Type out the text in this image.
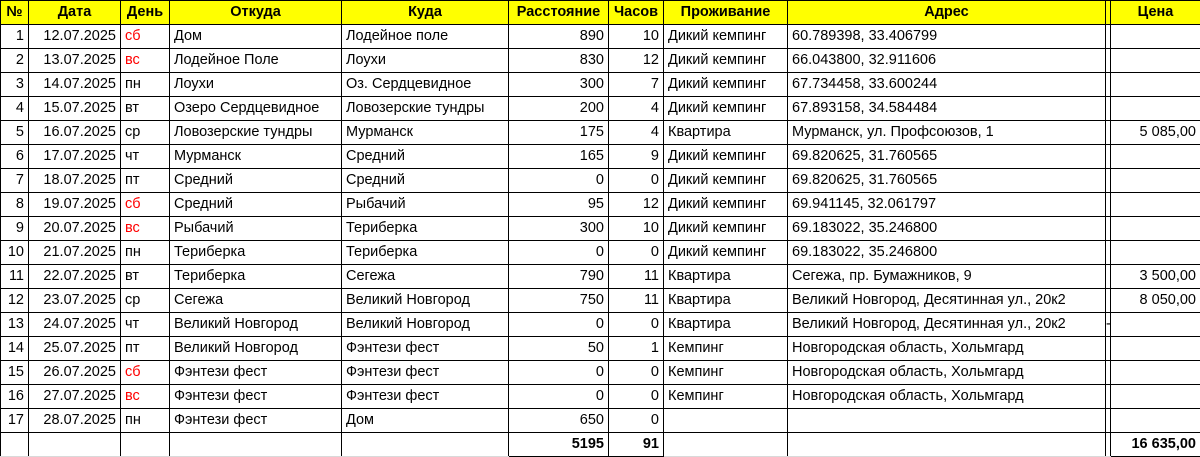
№	Дата	День	Откуда	Куда	Расстояние	Часов	Проживание	Адрес		Цена
1	12.07.2025	сб	Дом	Лодейное поле	890	10	Дикий кемпинг	60.789398, 33.406799		
2	13.07.2025	вс	Лодейное Поле	Лоухи	830	12	Дикий кемпинг	66.043800, 32.911606		
3	14.07.2025	пн	Лоухи	Оз. Сердцевидное	300	7	Дикий кемпинг	67.734458, 33.600244		
4	15.07.2025	вт	Озеро Сердцевидное	Ловозерские тундры	200	4	Дикий кемпинг	67.893158, 34.584484		
5	16.07.2025	ср	Ловозерские тундры	Мурманск	175	4	Квартира	Мурманск, ул. Профсоюзов, 1		5 085,00
6	17.07.2025	чт	Мурманск	Средний	165	9	Дикий кемпинг	69.820625, 31.760565		
7	18.07.2025	пт	Средний	Средний	0	0	Дикий кемпинг	69.820625, 31.760565		
8	19.07.2025	сб	Средний	Рыбачий	95	12	Дикий кемпинг	69.941145, 32.061797		
9	20.07.2025	вс	Рыбачий	Териберка	300	10	Дикий кемпинг	69.183022, 35.246800		
10	21.07.2025	пн	Териберка	Териберка	0	0	Дикий кемпинг	69.183022, 35.246800		
11	22.07.2025	вт	Териберка	Сегежа	790	11	Квартира	Сегежа, пр. Бумажников, 9		3 500,00
12	23.07.2025	ср	Сегежа	Великий Новгород	750	11	Квартира	Великий Новгород, Десятинная ул., 20к2		8 050,00
13	24.07.2025	чт	Великий Новгород	Великий Новгород	0	0	Квартира	Великий Новгород, Десятинная ул., 20к2	-	
14	25.07.2025	пт	Великий Новгород	Фэнтези фест	50	1	Кемпинг	Новгородская область, Хольмгард		
15	26.07.2025	сб	Фэнтези фест	Фэнтези фест	0	0	Кемпинг	Новгородская область, Хольмгард		
16	27.07.2025	вс	Фэнтези фест	Фэнтези фест	0	0	Кемпинг	Новгородская область, Хольмгард		
17	28.07.2025	пн	Фэнтези фест	Дом	650	0				
					5195	91				16 635,00
